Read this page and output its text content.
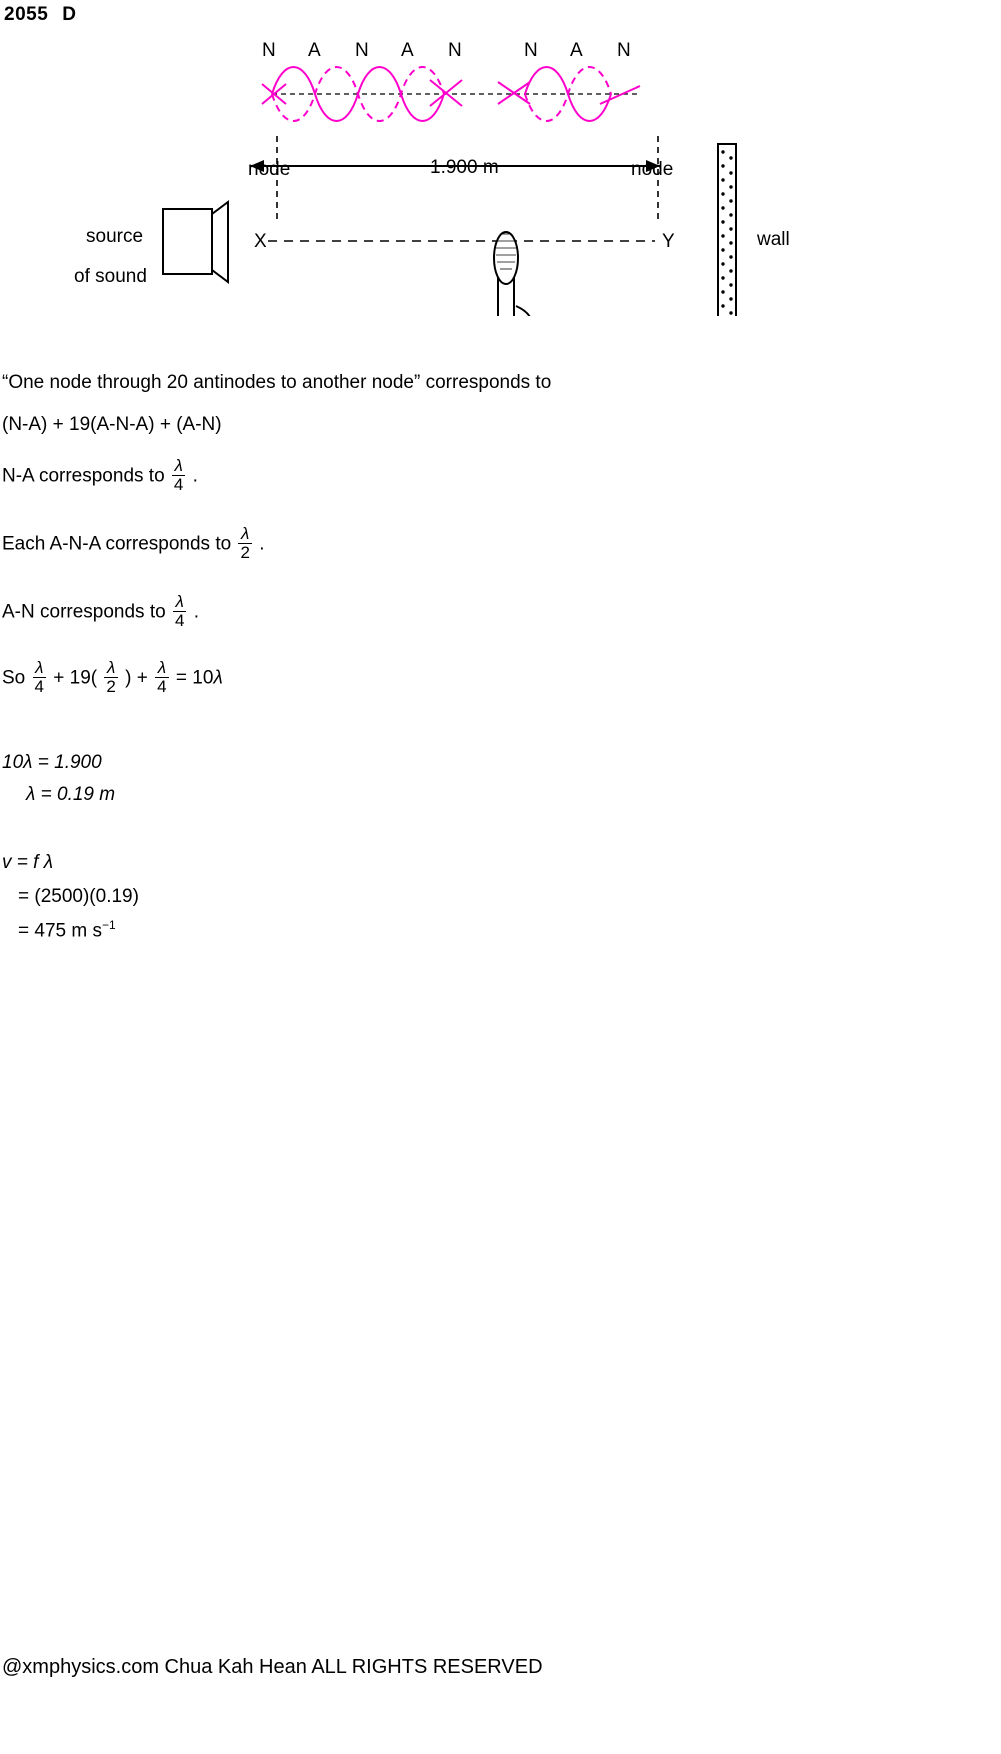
2055 D
N A N A N	N A N
node	1.900 m	node
source
of sound
X	Y	wall
“One node through 20 antinodes to another node” corresponds to
(N-A) + 19(A-N-A) + (A-N)
N-A corresponds to $\frac{\lambda}{4}$ .
Each A-N-A corresponds to $\frac{\lambda}{2}$ .
A-N corresponds to $\frac{\lambda}{4}$ .
So $\frac{\lambda}{4} + 19( \frac{\lambda}{2}$ ) + $\frac{\lambda}{4} = 10\lambda$
10λ = 1.900
λ = 0.19 m
v = f λ
= (2500)(0.19)
= 475 m $s^{-1}$
@xmphysics.com Chua Kah Hean ALL RIGHTS RESERVED
